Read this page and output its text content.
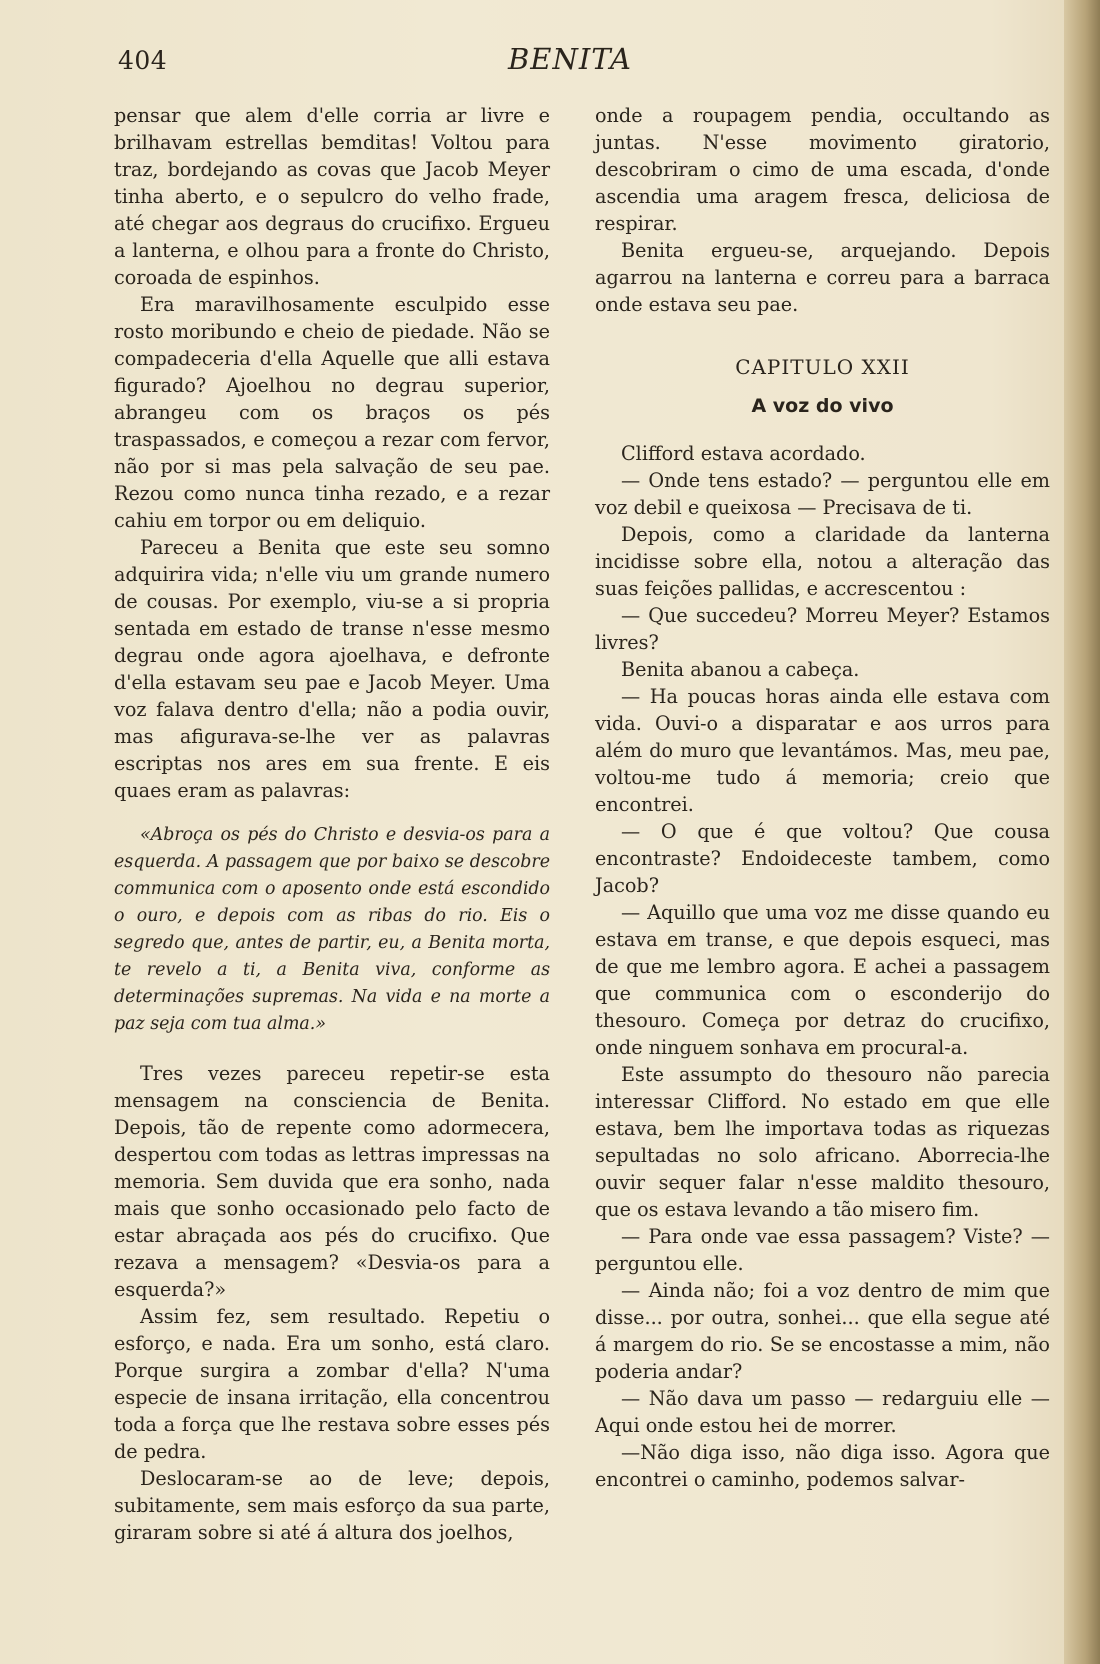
404	BENITA

pensar que alem d'elle corria ar livre e brilhavam estrellas bemditas! Voltou para traz, bordejando as covas que Jacob Meyer tinha aberto, e o sepulcro do velho frade, até chegar aos degraus do crucifixo. Ergueu a lanterna, e olhou para a fronte do Christo, coroada de espinhos.

Era maravilhosamente esculpido esse rosto moribundo e cheio de piedade. Não se compadeceria d'ella Aquelle que alli estava figurado? Ajoelhou no degrau superior, abrangeu com os braços os pés traspassados, e começou a rezar com fervor, não por si mas pela salvação de seu pae. Rezou como nunca tinha rezado, e a rezar cahiu em torpor ou em deliquio.

Pareceu a Benita que este seu somno adquirira vida; n'elle viu um grande numero de cousas. Por exemplo, viu-se a si propria sentada em estado de transe n'esse mesmo degrau onde agora ajoelhava, e defronte d'ella estavam seu pae e Jacob Meyer. Uma voz falava dentro d'ella; não a podia ouvir, mas afigurava-se-lhe ver as palavras escriptas nos ares em sua frente. E eis quaes eram as palavras:

«Abroça os pés do Christo e desvia-os para a esquerda. A passagem que por baixo se descobre communica com o aposento onde está escondido o ouro, e depois com as ribas do rio. Eis o segredo que, antes de partir, eu, a Benita morta, te revelo a ti, a Benita viva, conforme as determinações supremas. Na vida e na morte a paz seja com tua alma.»

Tres vezes pareceu repetir-se esta mensagem na consciencia de Benita. Depois, tão de repente como adormecera, despertou com todas as lettras impressas na memoria. Sem duvida que era sonho, nada mais que sonho occasionado pelo facto de estar abraçada aos pés do crucifixo. Que rezava a mensagem? «Desvia-os para a esquerda?»

Assim fez, sem resultado. Repetiu o esforço, e nada. Era um sonho, está claro. Porque surgira a zombar d'ella? N'uma especie de insana irritação, ella concentrou toda a força que lhe restava sobre esses pés de pedra.

Deslocaram-se ao de leve; depois, subitamente, sem mais esforço da sua parte, giraram sobre si até á altura dos joelhos,

onde a roupagem pendia, occultando as juntas. N'esse movimento giratorio, descobriram o cimo de uma escada, d'onde ascendia uma aragem fresca, deliciosa de respirar.

Benita ergueu-se, arquejando. Depois agarrou na lanterna e correu para a barraca onde estava seu pae.

CAPITULO XXII

A voz do vivo

Clifford estava acordado.

— Onde tens estado? — perguntou elle em voz debil e queixosa — Precisava de ti.

Depois, como a claridade da lanterna incidisse sobre ella, notou a alteração das suas feições pallidas, e accrescentou :

— Que succedeu? Morreu Meyer? Estamos livres?

Benita abanou a cabeça.

— Ha poucas horas ainda elle estava com vida. Ouvi-o a disparatar e aos urros para além do muro que levantámos. Mas, meu pae, voltou-me tudo á memoria; creio que encontrei.

— O que é que voltou? Que cousa encontraste? Endoideceste tambem, como Jacob?

— Aquillo que uma voz me disse quando eu estava em transe, e que depois esqueci, mas de que me lembro agora. E achei a passagem que communica com o esconderijo do thesouro. Começa por detraz do crucifixo, onde ninguem sonhava em procural-a.

Este assumpto do thesouro não parecia interessar Clifford. No estado em que elle estava, bem lhe importava todas as riquezas sepultadas no solo africano. Aborrecia-lhe ouvir sequer falar n'esse maldito thesouro, que os estava levando a tão misero fim.

— Para onde vae essa passagem? Viste? — perguntou elle.

— Ainda não; foi a voz dentro de mim que disse... por outra, sonhei... que ella segue até á margem do rio. Se se encostasse a mim, não poderia andar?

— Não dava um passo — redarguiu elle — Aqui onde estou hei de morrer.

—Não diga isso, não diga isso. Agora que encontrei o caminho, podemos salvar-
